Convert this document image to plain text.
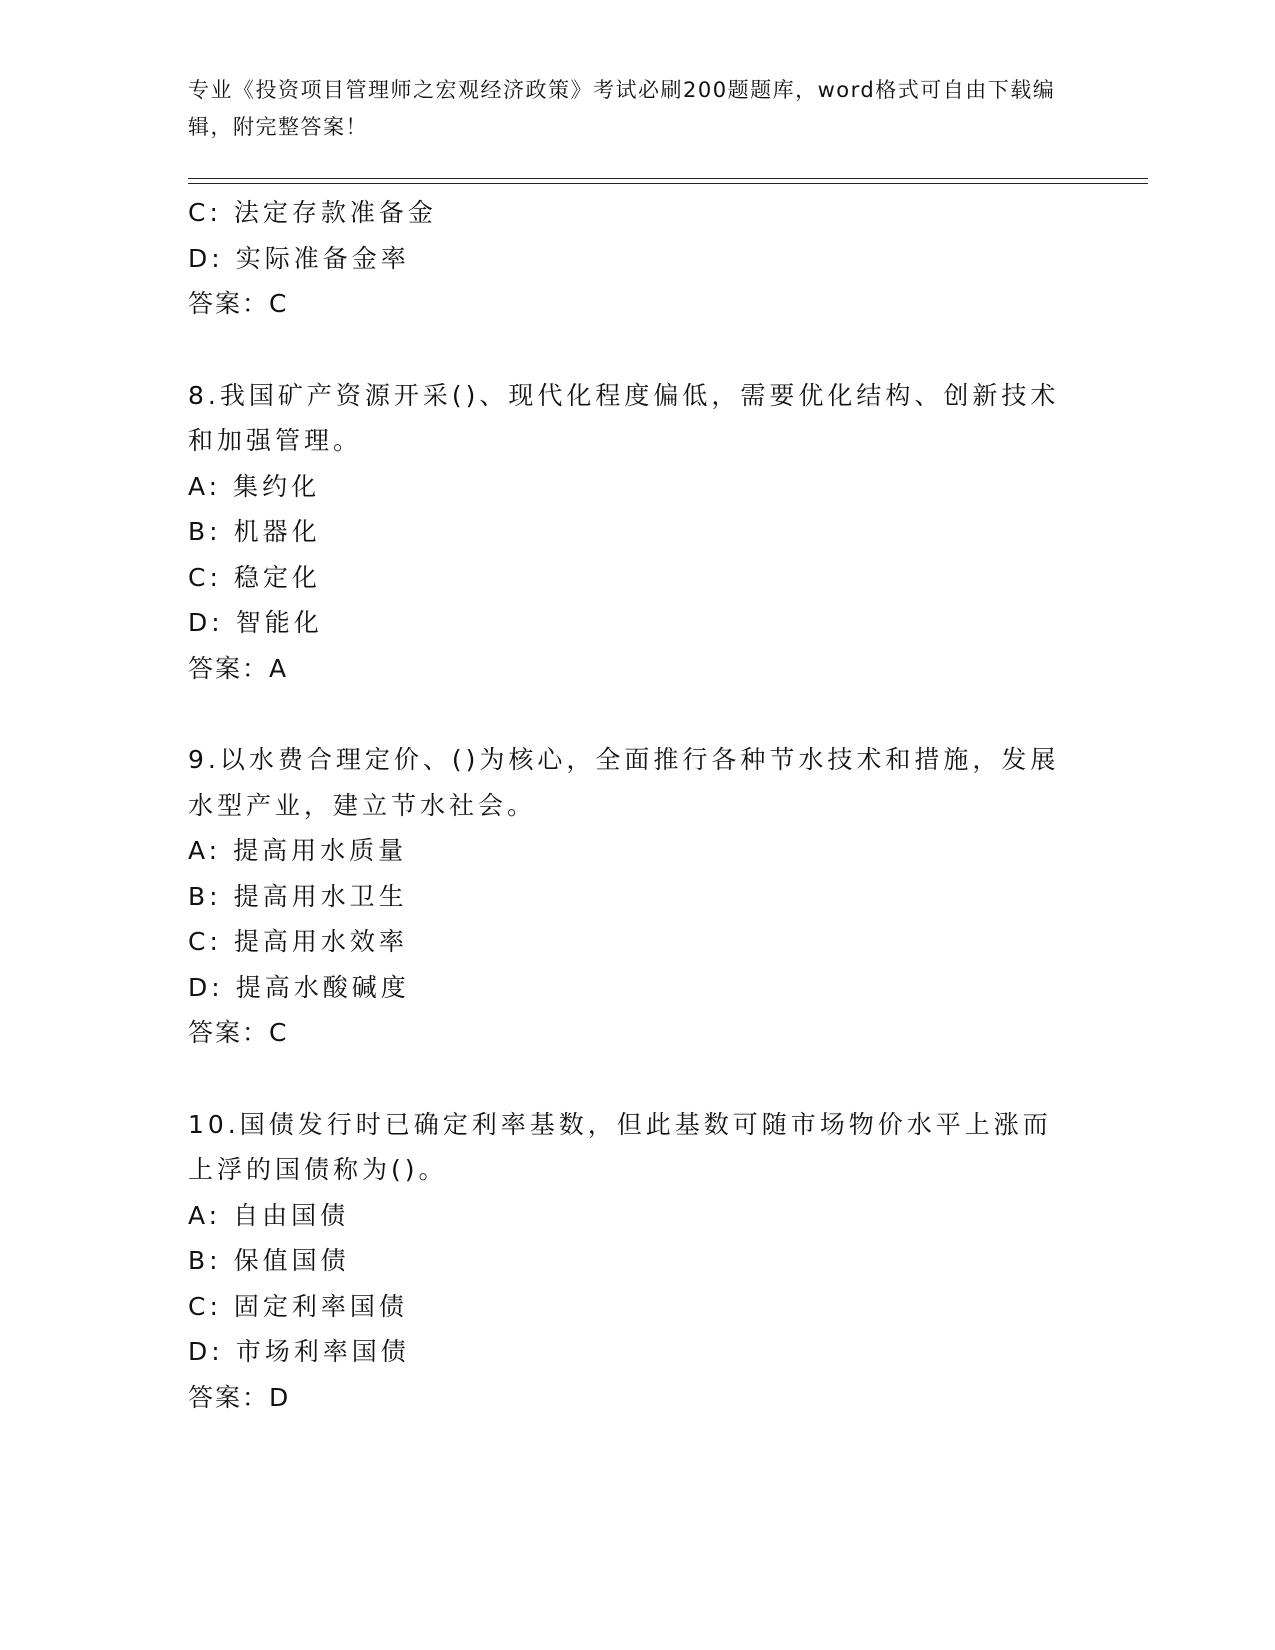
专业《投资项目管理师之宏观经济政策》考试必刷200题题库，word格式可自由下载编辑，附完整答案！
C: 法定存款准备金
D: 实际准备金率
答案：C
8.我国矿产资源开采()、现代化程度偏低，需要优化结构、创新技术和加强管理。
A: 集约化
B: 机器化
C: 稳定化
D: 智能化
答案：A
9.以水费合理定价、()为核心，全面推行各种节水技术和措施，发展水型产业，建立节水社会。
A: 提高用水质量
B: 提高用水卫生
C: 提高用水效率
D: 提高水酸碱度
答案：C
10.国债发行时已确定利率基数，但此基数可随市场物价水平上涨而上浮的国债称为()。
A: 自由国债
B: 保值国债
C: 固定利率国债
D: 市场利率国债
答案：D
